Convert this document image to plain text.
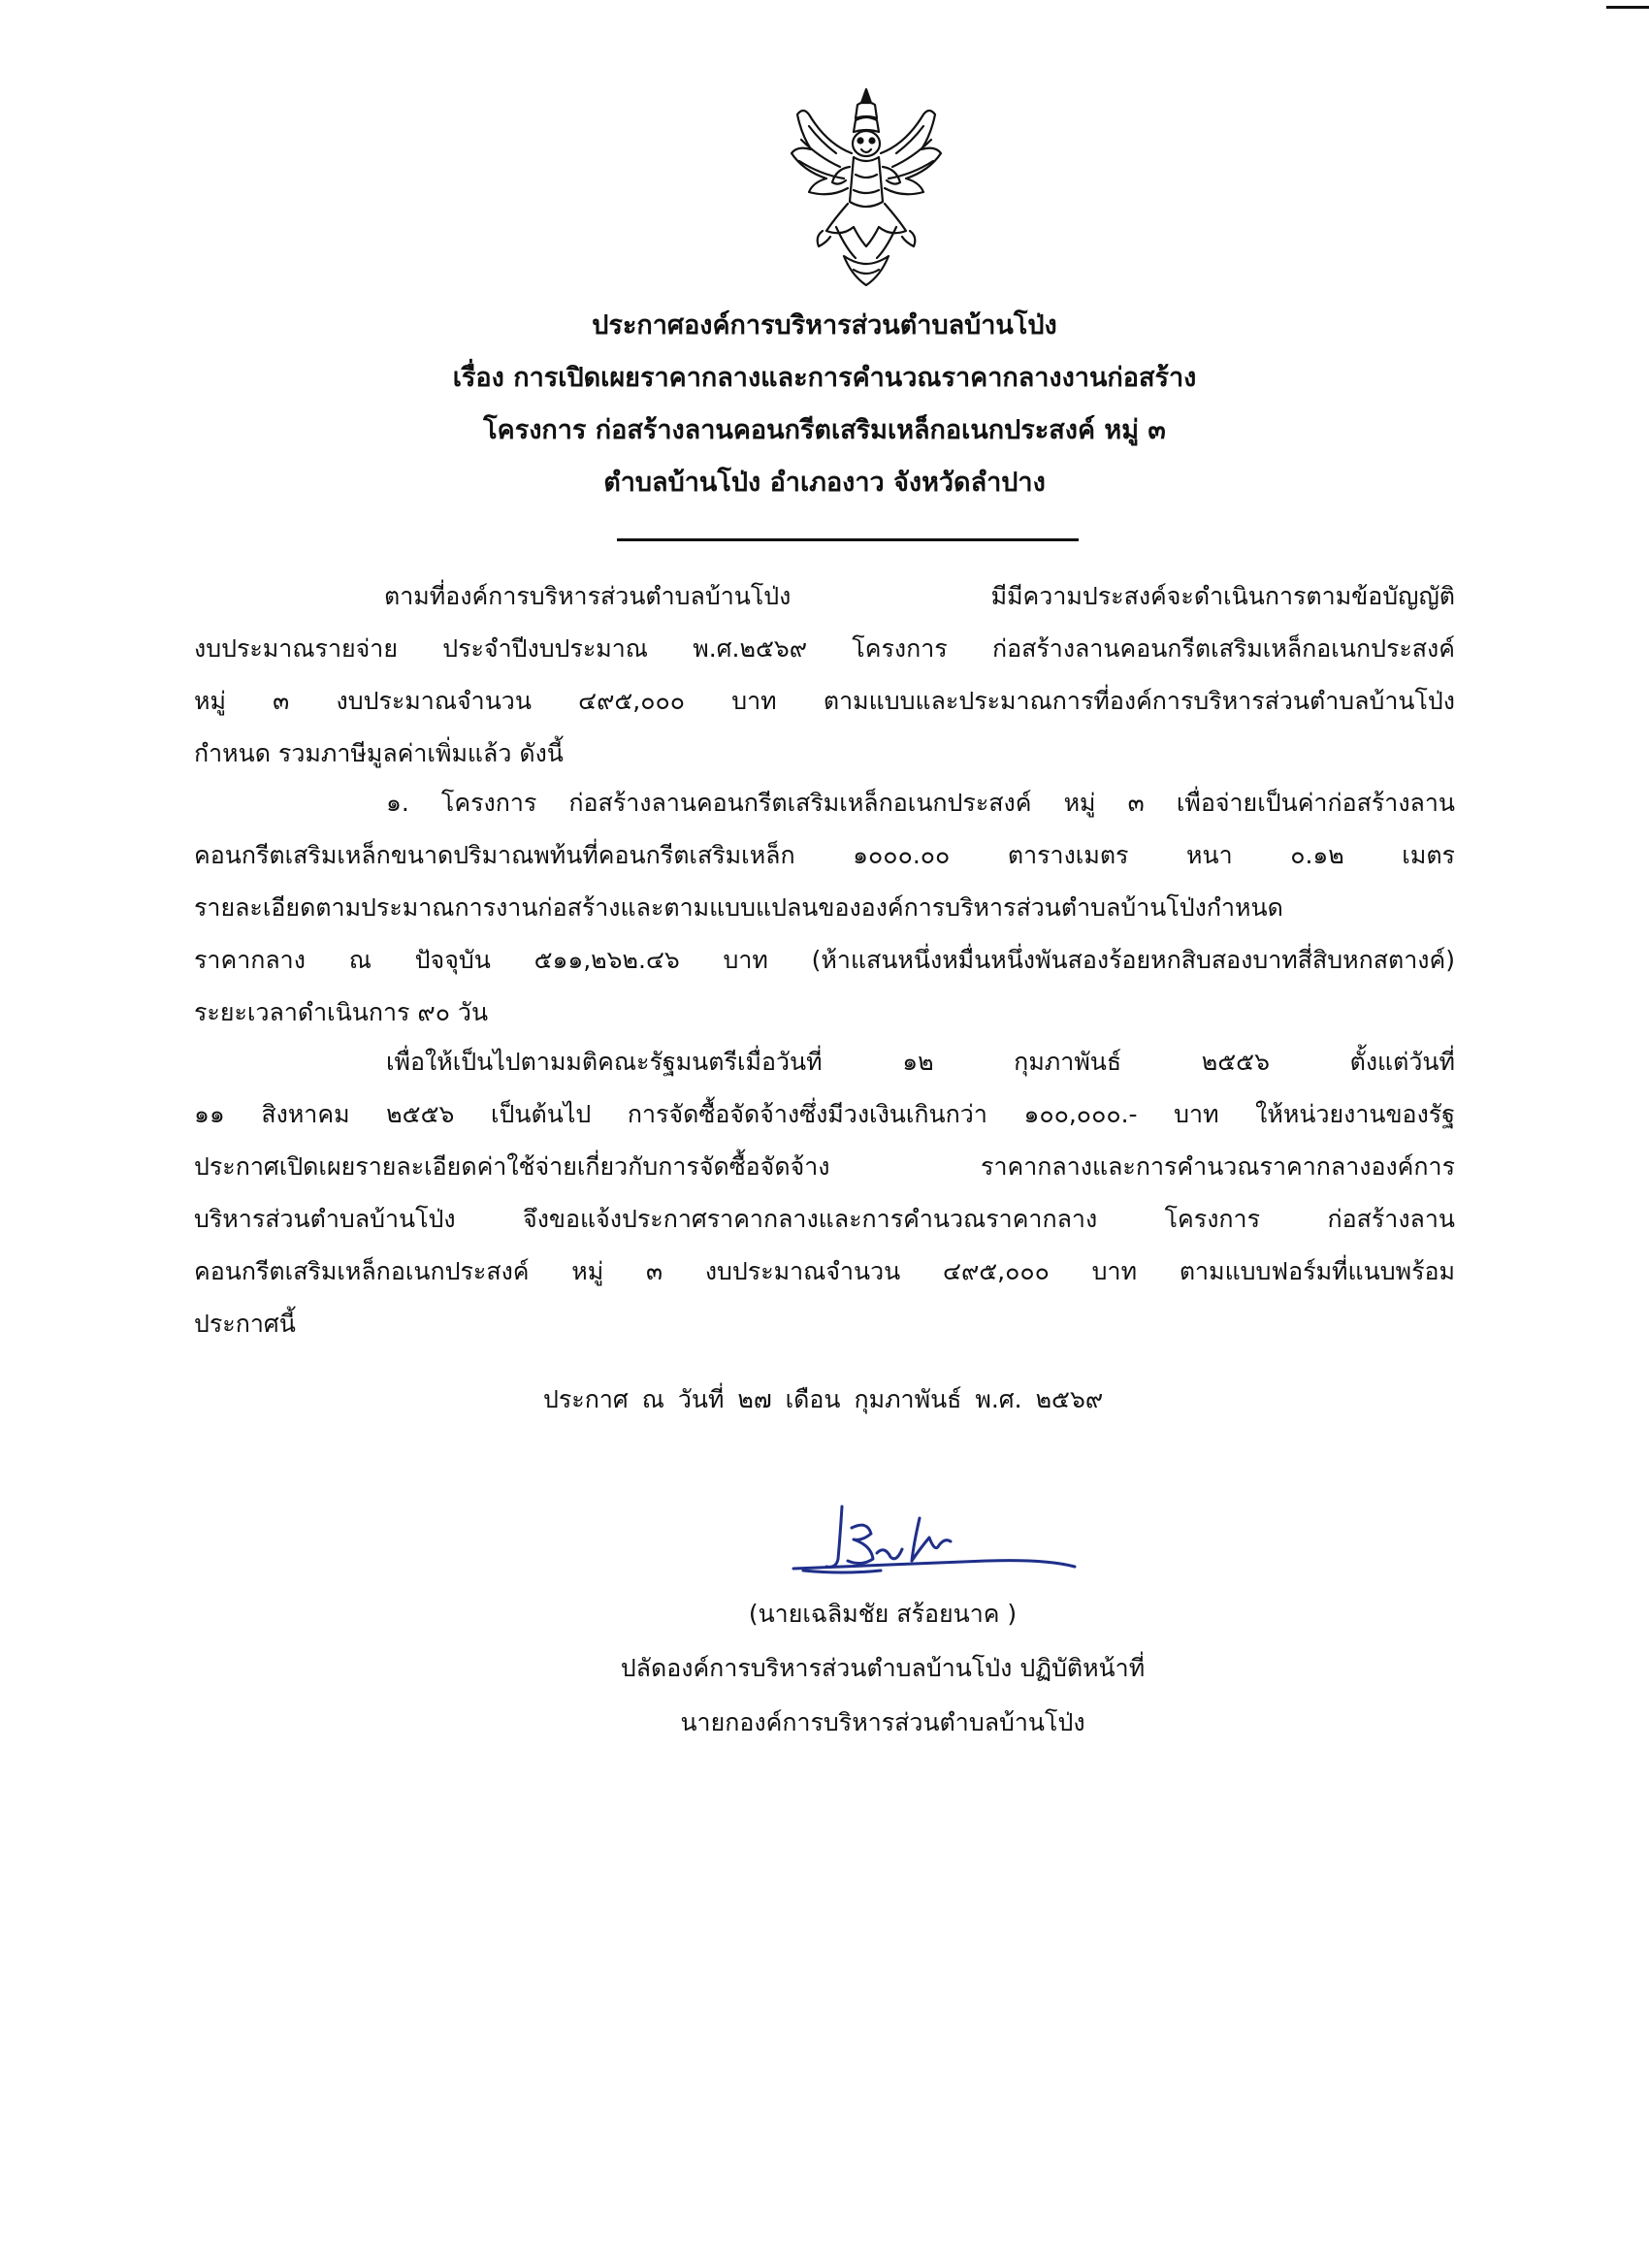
ประกาศองค์การบริหารส่วนตำบลบ้านโป่ง
เรื่อง การเปิดเผยราคากลางและการคำนวณราคากลางงานก่อสร้าง
โครงการ ก่อสร้างลานคอนกรีตเสริมเหล็กอเนกประสงค์ หมู่ ๓
ตำบลบ้านโป่ง อำเภองาว จังหวัดลำปาง
ตามที่องค์การบริหารส่วนตำบลบ้านโป่ง มีมีความประสงค์จะดำเนินการตามข้อบัญญัติ
งบประมาณรายจ่าย ประจำปีงบประมาณ พ.ศ.๒๕๖๙ โครงการ ก่อสร้างลานคอนกรีตเสริมเหล็กอเนกประสงค์
หมู่ ๓ งบประมาณจำนวน ๔๙๕,๐๐๐ บาท ตามแบบและประมาณการที่องค์การบริหารส่วนตำบลบ้านโป่ง
กำหนด รวมภาษีมูลค่าเพิ่มแล้ว ดังนี้
๑. โครงการ ก่อสร้างลานคอนกรีตเสริมเหล็กอเนกประสงค์ หมู่ ๓ เพื่อจ่ายเป็นค่าก่อสร้างลาน
คอนกรีตเสริมเหล็กขนาดปริมาณพท้นที่คอนกรีตเสริมเหล็ก ๑๐๐๐.๐๐ ตารางเมตร หนา ๐.๑๒ เมตร
รายละเอียดตามประมาณการงานก่อสร้างและตามแบบแปลนขององค์การบริหารส่วนตำบลบ้านโป่งกำหนด
ราคากลาง ณ ปัจจุบัน ๕๑๑,๒๖๒.๔๖ บาท (ห้าแสนหนึ่งหมื่นหนึ่งพันสองร้อยหกสิบสองบาทสี่สิบหกสตางค์)
ระยะเวลาดำเนินการ ๙๐ วัน
เพื่อให้เป็นไปตามมติคณะรัฐมนตรีเมื่อวันที่ ๑๒ กุมภาพันธ์ ๒๕๕๖ ตั้งแต่วันที่
๑๑ สิงหาคม ๒๕๕๖ เป็นต้นไป การจัดซื้อจัดจ้างซึ่งมีวงเงินเกินกว่า ๑๐๐,๐๐๐.- บาท ให้หน่วยงานของรัฐ
ประกาศเปิดเผยรายละเอียดค่าใช้จ่ายเกี่ยวกับการจัดซื้อจัดจ้าง ราคากลางและการคำนวณราคากลางองค์การ
บริหารส่วนตำบลบ้านโป่ง จึงขอแจ้งประกาศราคากลางและการคำนวณราคากลาง โครงการ ก่อสร้างลาน
คอนกรีตเสริมเหล็กอเนกประสงค์ หมู่ ๓ งบประมาณจำนวน ๔๙๕,๐๐๐ บาท ตามแบบฟอร์มที่แนบพร้อม
ประกาศนี้
ประกาศ ณ วันที่ ๒๗ เดือน กุมภาพันธ์ พ.ศ. ๒๕๖๙
(นายเฉลิมชัย สร้อยนาค )
ปลัดองค์การบริหารส่วนตำบลบ้านโป่ง ปฏิบัติหน้าที่
นายกองค์การบริหารส่วนตำบลบ้านโป่ง
